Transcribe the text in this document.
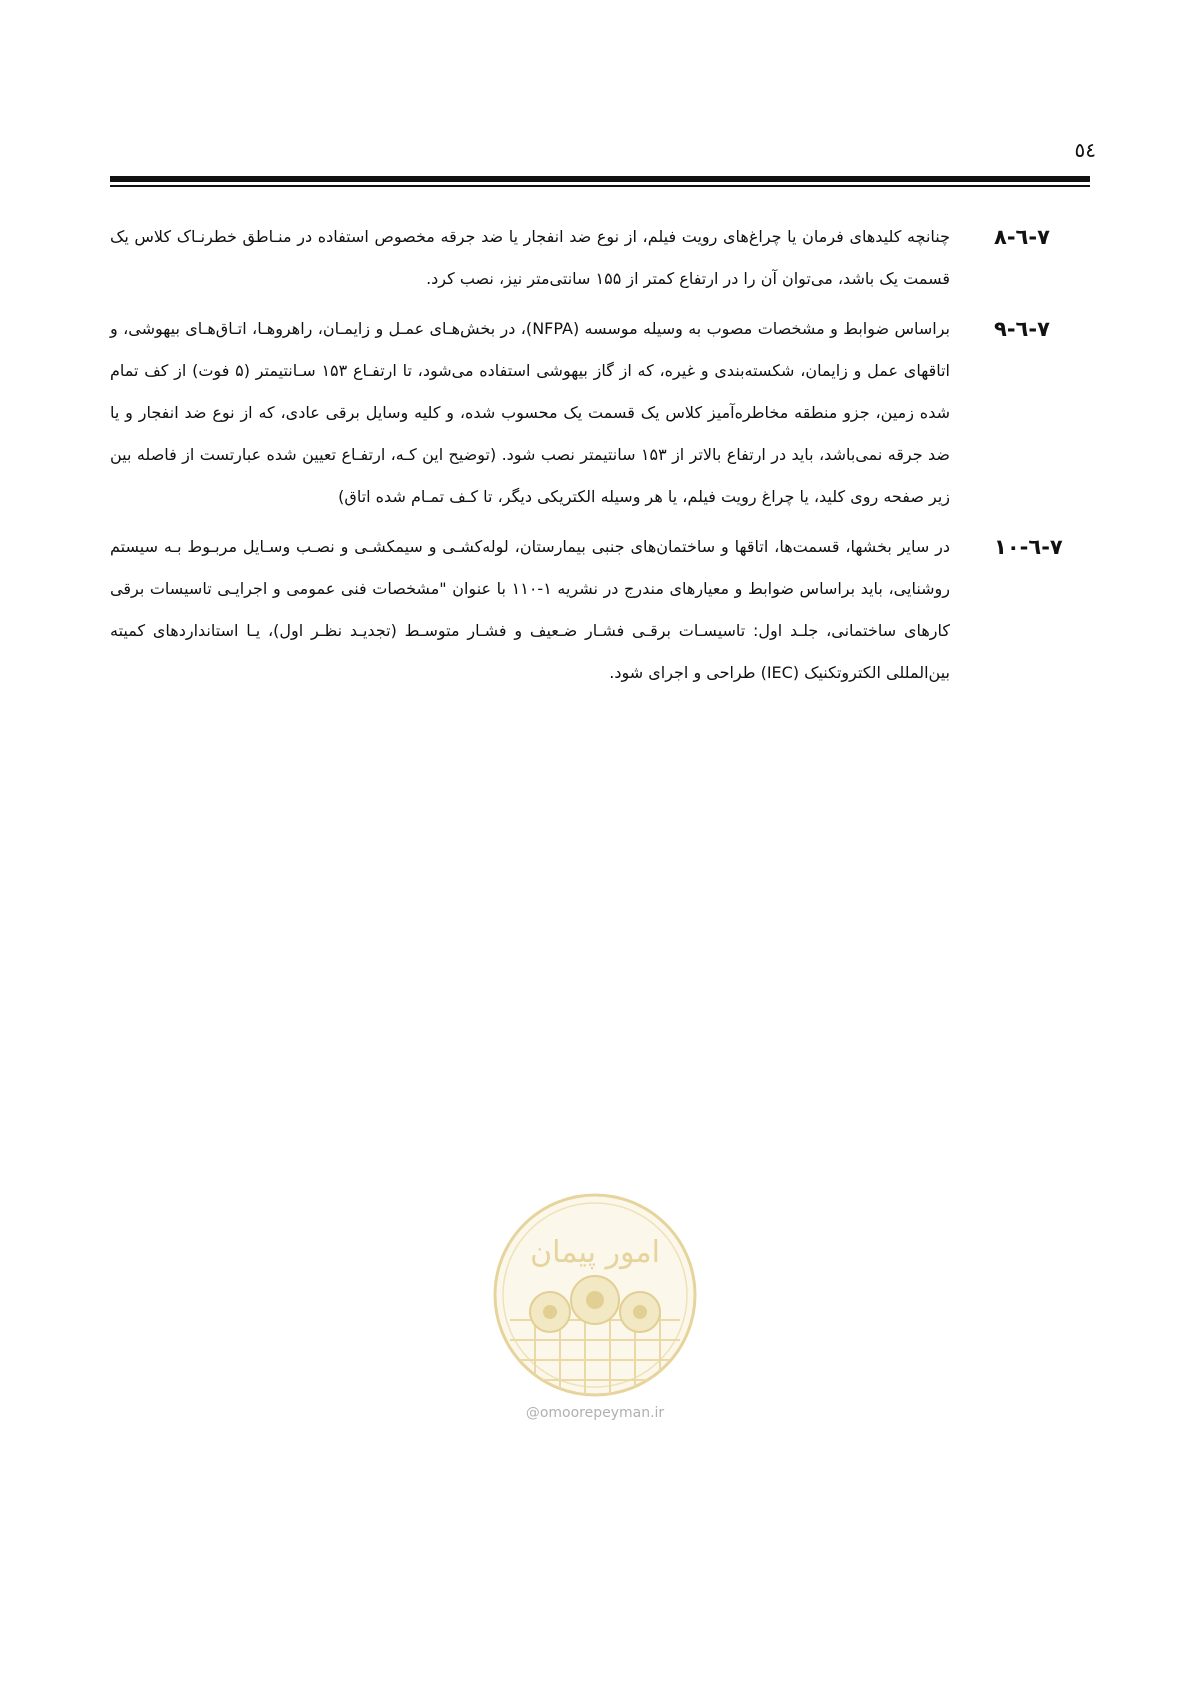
٥٤
۸-٦-۷
چنانچه کلیدهای فرمان یا چراغ‌های رویت فیلم، از نوع ضد انفجار یا ضد جرقه مخصوص استفاده در منـاطق خطرنـاک کلاس یک قسمت یک باشد، می‌توان آن را در ارتفاع کمتر از ۱۵۵ سانتی‌متر نیز، نصب کرد.
۹-٦-۷
براساس ضوابط و مشخصات مصوب به وسیله موسسه (NFPA)، در بخش‌هـای عمـل و زایمـان، راهروهـا، اتـاق‌هـای بیهوشی، و اتاقهای عمل و زایمان، شکسته‌بندی و غیره، که از گاز بیهوشی استفاده می‌شود، تا ارتفـاع ۱۵۳ سـانتیمتر (۵ فوت) از کف تمام شده زمین، جزو منطقه مخاطره‌آمیز کلاس یک قسمت یک محسوب شده، و کلیه وسایل برقی عادی، که از نوع ضد انفجار و یا ضد جرقه نمی‌باشد، باید در ارتفاع بالاتر از ۱۵۳ سانتیمتر نصب شود. (توضیح این کـه، ارتفـاع تعیین شده عبارتست از فاصله بین زیر صفحه روی کلید، یا چراغ رویت فیلم، یا هر وسیله الکتریکی دیگر، تا کـف تمـام شده اتاق)
۱۰-٦-۷
در سایر بخشها، قسمت‌ها، اتاقها و ساختمان‌های جنبی بیمارستان، لوله‌کشـی و سیمکشـی و نصـب وسـایل مربـوط بـه سیستم روشنایی، باید براساس ضوابط و معیارهای مندرج در نشریه ۱-۱۱۰ با عنوان "مشخصات فنی عمومی و اجرایـی تاسیسات برقی کارهای ساختمانی، جلـد اول: تاسیسـات برقـی فشـار ضـعیف و فشـار متوسـط (تجدیـد نظـر اول)، یـا استانداردهای کمیته بین‌المللی الکتروتکنیک (IEC) طراحی و اجرای شود.
امور پیمان
@omoorepeyman.ir
